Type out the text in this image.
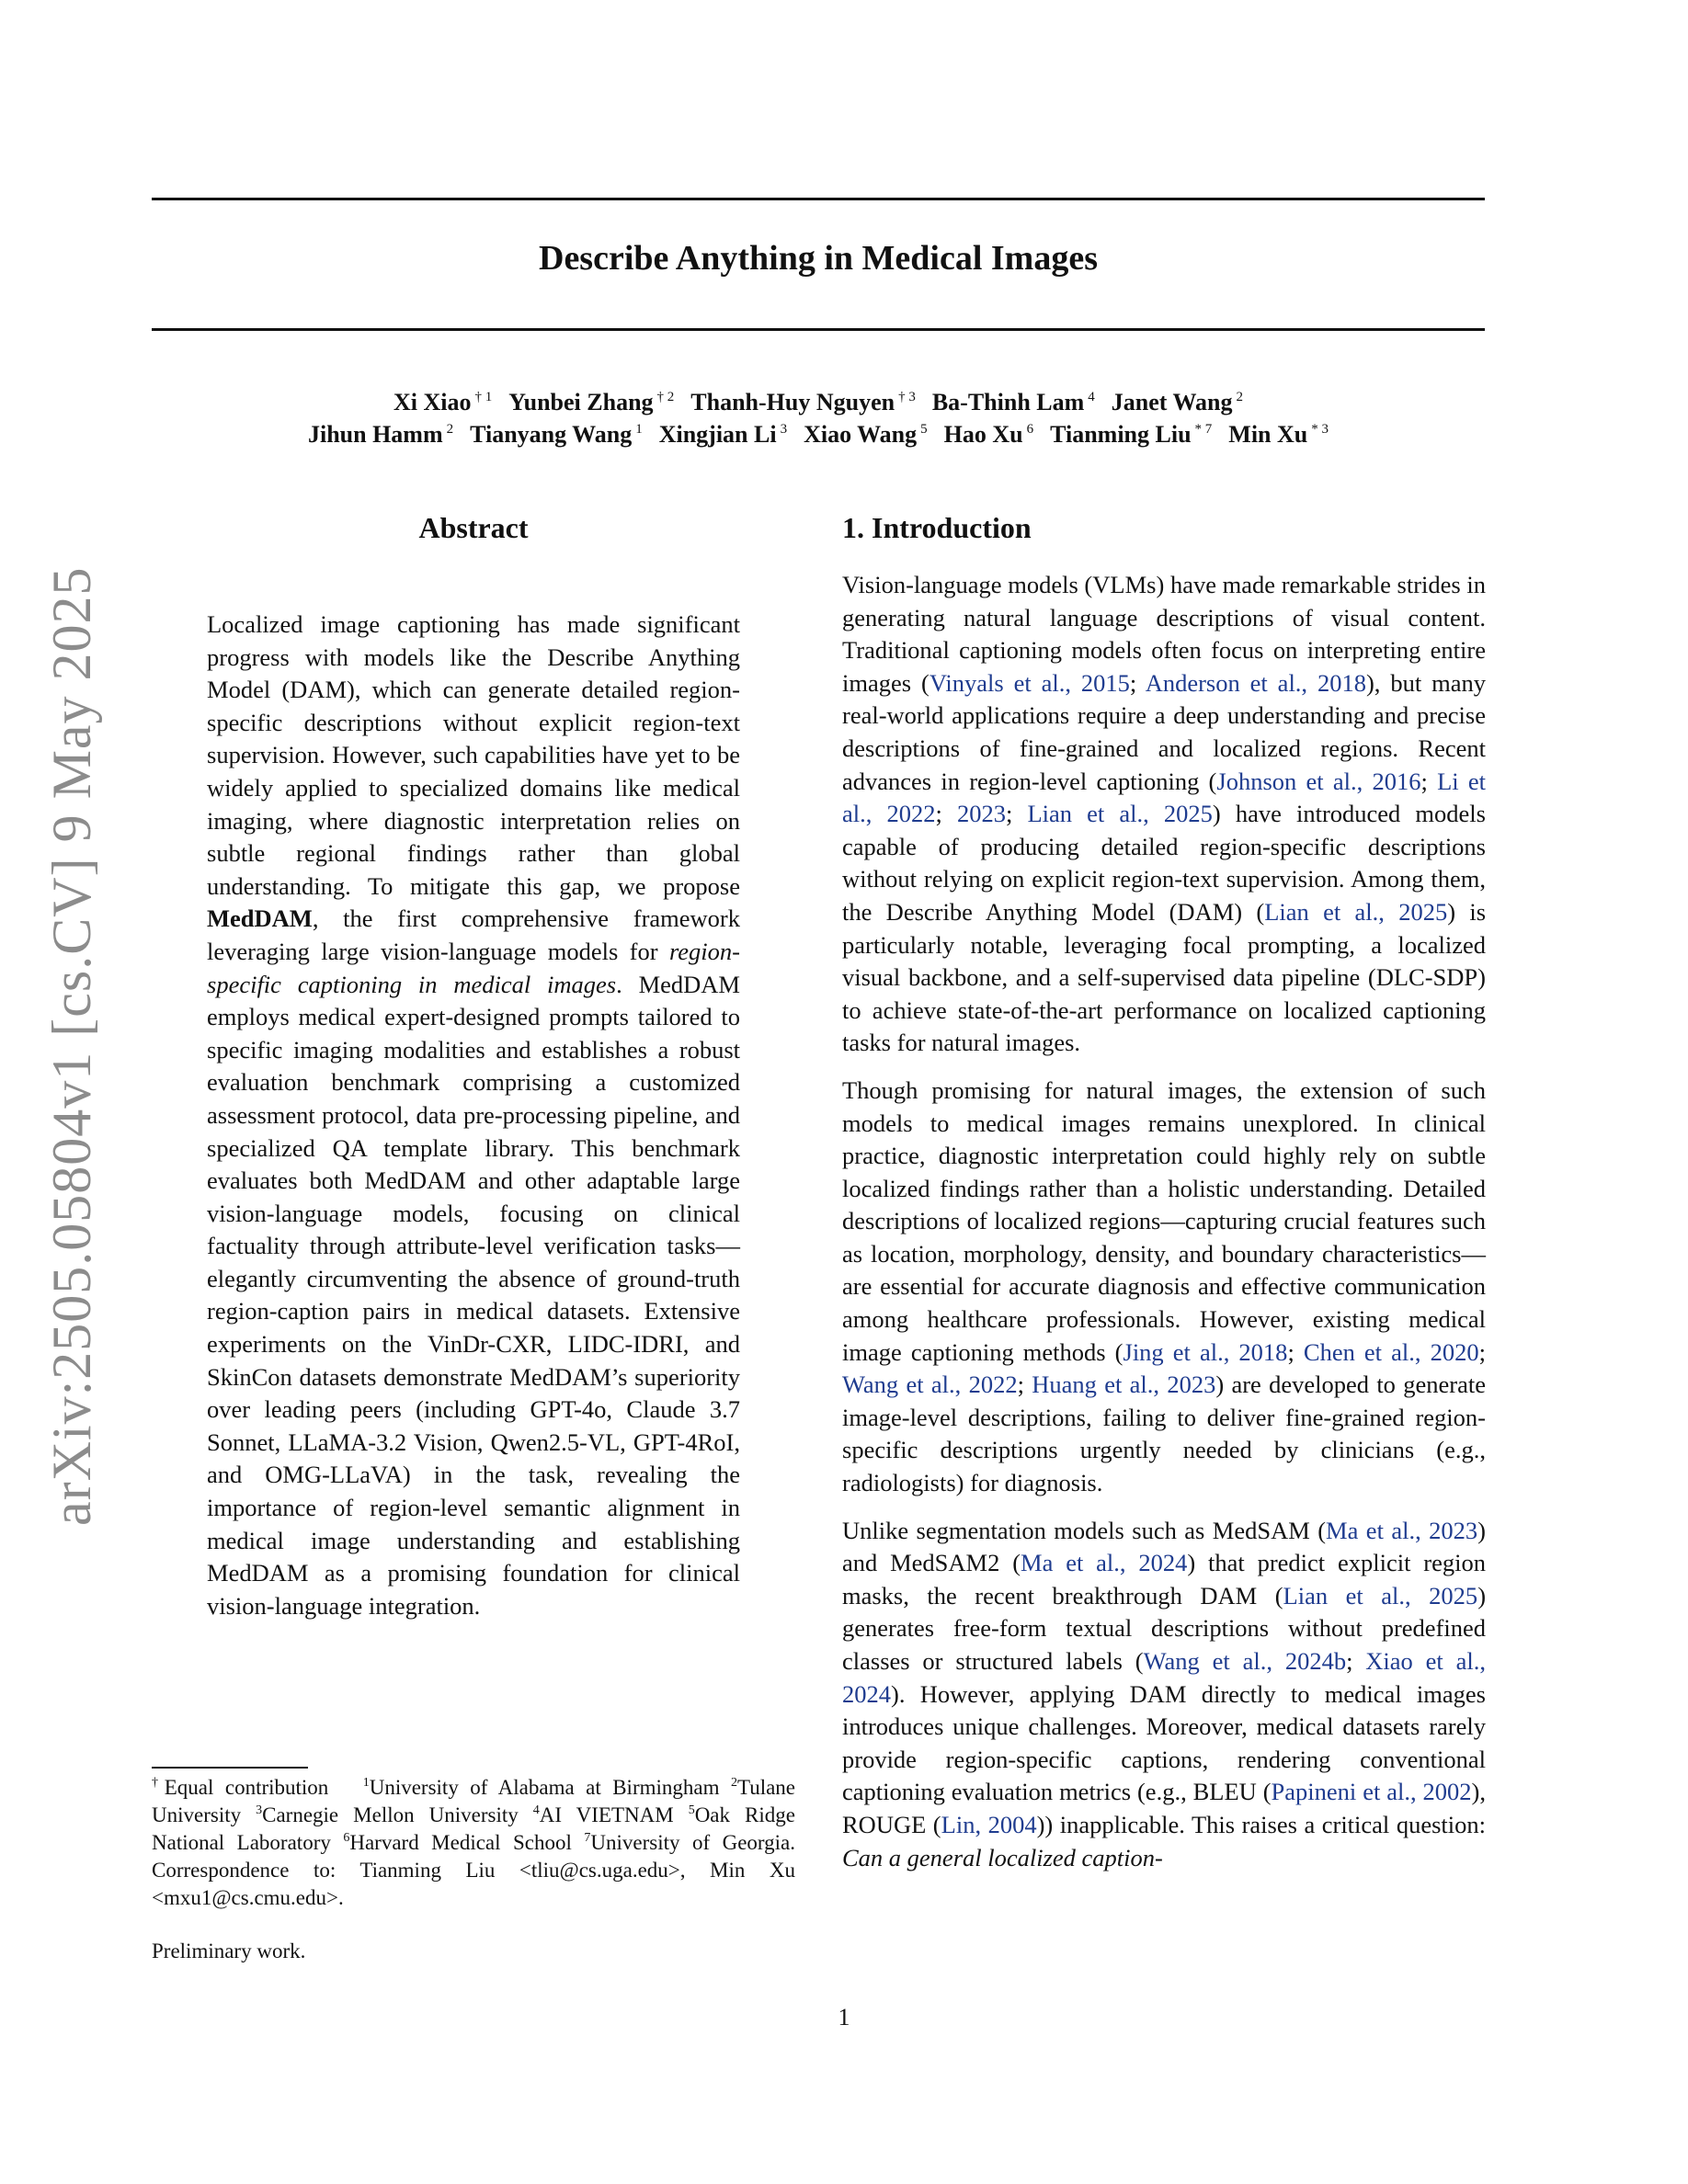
arXiv:2505.05804v1 [cs.CV] 9 May 2025
Describe Anything in Medical Images
Xi Xiao $^{\dagger 1}$ Yunbei Zhang $^{\dagger 2}$ Thanh-Huy Nguyen $^{\dagger 3}$ Ba-Thinh Lam $^4$ Janet Wang $^2$
Jihun Hamm $^2$ Tianyang Wang $^1$ Xingjian Li $^3$ Xiao Wang $^5$ Hao Xu $^6$ Tianming Liu $^{* 7}$ Min Xu $^{* 3}$
Abstract

Localized image captioning has made significant progress with models like the Describe Anything Model (DAM), which can generate detailed region-specific descriptions without explicit region-text supervision. However, such capabilities have yet to be widely applied to specialized domains like medical imaging, where diagnostic interpretation relies on subtle regional findings rather than global understanding. To mitigate this gap, we propose MedDAM, the first comprehensive framework leveraging large vision-language models for region-specific captioning in medical images. MedDAM employs medical expert-designed prompts tailored to specific imaging modalities and establishes a robust evaluation benchmark comprising a customized assessment protocol, data pre-processing pipeline, and specialized QA template library. This benchmark evaluates both MedDAM and other adaptable large vision-language models, focusing on clinical factuality through attribute-level verification tasks—elegantly circumventing the absence of ground-truth region-caption pairs in medical datasets. Extensive experiments on the VinDr-CXR, LIDC-IDRI, and SkinCon datasets demonstrate MedDAM’s superiority over leading peers (including GPT-4o, Claude 3.7 Sonnet, LLaMA-3.2 Vision, Qwen2.5-VL, GPT-4RoI, and OMG-LLaVA) in the task, revealing the importance of region-level semantic alignment in medical image understanding and establishing MedDAM as a promising foundation for clinical vision-language integration.

1. Introduction

Vision-language models (VLMs) have made remarkable strides in generating natural language descriptions of visual content. Traditional captioning models often focus on interpreting entire images (Vinyals et al., 2015; Anderson et al., 2018), but many real-world applications require a deep understanding and precise descriptions of fine-grained and localized regions. Recent advances in region-level captioning (Johnson et al., 2016; Li et al., 2022; 2023; Lian et al., 2025) have introduced models capable of producing detailed region-specific descriptions without relying on explicit region-text supervision. Among them, the Describe Anything Model (DAM) (Lian et al., 2025) is particularly notable, leveraging focal prompting, a localized visual backbone, and a self-supervised data pipeline (DLC-SDP) to achieve state-of-the-art performance on localized captioning tasks for natural images.

Though promising for natural images, the extension of such models to medical images remains unexplored. In clinical practice, diagnostic interpretation could highly rely on subtle localized findings rather than a holistic understanding. Detailed descriptions of localized regions—capturing crucial features such as location, morphology, density, and boundary characteristics—are essential for accurate diagnosis and effective communication among healthcare professionals. However, existing medical image captioning methods (Jing et al., 2018; Chen et al., 2020; Wang et al., 2022; Huang et al., 2023) are developed to generate image-level descriptions, failing to deliver fine-grained region-specific descriptions urgently needed by clinicians (e.g., radiologists) for diagnosis.

Unlike segmentation models such as MedSAM (Ma et al., 2023) and MedSAM2 (Ma et al., 2024) that predict explicit region masks, the recent breakthrough DAM (Lian et al., 2025) generates free-form textual descriptions without predefined classes or structured labels (Wang et al., 2024b; Xiao et al., 2024). However, applying DAM directly to medical images introduces unique challenges. Moreover, medical datasets rarely provide region-specific captions, rendering conventional captioning evaluation metrics (e.g., BLEU (Papineni et al., 2002), ROUGE (Lin, 2004)) inapplicable. This raises a critical question: Can a general localized caption-

†Equal contribution	$^1$University of Alabama at Birmingham $^2$Tulane University $^3$Carnegie Mellon University $^4$AI VIETNAM $^5$Oak Ridge National Laboratory $^6$Harvard Medical School $^7$University of Georgia. Correspondence to: Tianming Liu <tliu@cs.uga.edu>, Min Xu <mxu1@cs.cmu.edu>.

Preliminary work.

1
